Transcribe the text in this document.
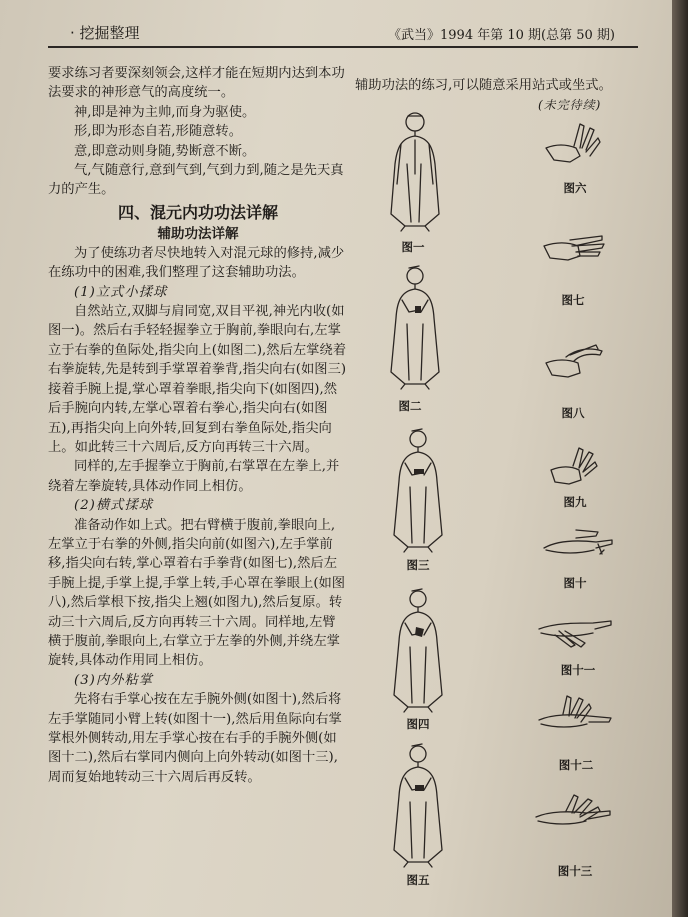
· 挖掘整理	《武当》1994 年第 10 期(总第 50 期)

要求练习者要深刻领会,这样才能在短期内达到本功法要求的神形意气的高度统一。

神,即是神为主帅,而身为驱使。

形,即为形态自若,形随意转。

意,即意动则身随,势断意不断。

气,气随意行,意到气到,气到力到,随之是先天真力的产生。

四、混元内功功法详解
辅助功法详解

为了使练功者尽快地转入对混元球的修持,减少在练功中的困难,我们整理了这套辅助功法。

(1)立式小揉球

自然站立,双脚与肩同宽,双目平视,神光内收(如图一)。然后右手轻轻握拳立于胸前,拳眼向右,左掌立于右拳的鱼际处,指尖向上(如图二),然后左掌绕着右拳旋转,先是转到手掌罩着拳背,指尖向右(如图三)接着手腕上提,掌心罩着拳眼,指尖向下(如图四),然后手腕向内转,左掌心罩着右拳心,指尖向右(如图五),再指尖向上向外转,回复到右拳鱼际处,指尖向上。如此转三十六周后,反方向再转三十六周。

同样的,左手握拳立于胸前,右掌罩在左拳上,并绕着左拳旋转,具体动作同上相仿。

(2)横式揉球

准备动作如上式。把右臂横于腹前,拳眼向上,左掌立于右拳的外侧,指尖向前(如图六),左手掌前移,指尖向右转,掌心罩着右手拳背(如图七),然后左手腕上提,手掌上提,手掌上转,手心罩在拳眼上(如图八),然后掌根下按,指尖上翘(如图九),然后复原。转动三十六周后,反方向再转三十六周。同样地,左臂横于腹前,拳眼向上,右掌立于左拳的外侧,并绕左掌旋转,具体动作用同上相仿。

(3)内外粘掌

先将右手掌心按在左手腕外侧(如图十),然后将左手掌随同小臂上转(如图十一),然后用鱼际向右掌掌根外侧转动,用左手掌心按在右手的手腕外侧(如图十二),然后右掌同内侧向上向外转动(如图十三),周而复始地转动三十六周后再反转。

辅助功法的练习,可以随意采用站式或坐式。
(未完待续)
图一
图二
图三
图四
图五
图六
图七
图八
图九
图十
图十一
图十二
图十三
